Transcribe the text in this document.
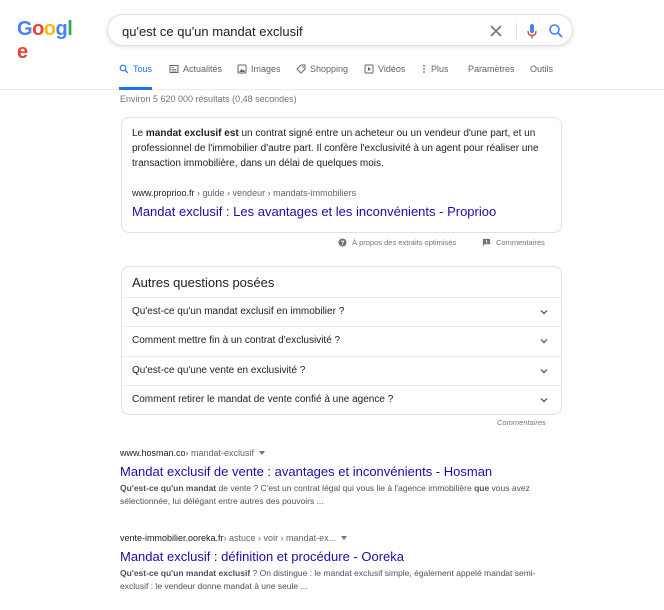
Google
qu'est ce qu'un mandat exclusif
Tous	Actualités	Images	Shopping	Vidéos	Plus Paramètres Outils
Environ 5 620 000 résultats (0,48 secondes)
Le mandat exclusif est un contrat signé entre un acheteur ou un vendeur d'une part, et un professionnel de l'immobilier d'autre part. Il confère l'exclusivité à un agent pour réaliser une transaction immobilière, dans un délai de quelques mois.
www.proprioo.fr › guide › vendeur › mandats-immobiliers
Mandat exclusif : Les avantages et les inconvénients - Proprioo
? À propos des extraits optimisés	Commentaires
Autres questions posées
Qu'est-ce qu'un mandat exclusif en immobilier ?
Comment mettre fin à un contrat d'exclusivité ?
Qu'est-ce qu'une vente en exclusivité ?
Comment retirer le mandat de vente confié à une agence ?
Commentaires
www.hosman.co › mandat-exclusif
Mandat exclusif de vente : avantages et inconvénients - Hosman
Qu'est-ce qu'un mandat de vente ? C'est un contrat légal qui vous lie à l'agence immobilière que vous avez sélectionnée, lui délégant entre autres des pouvoirs ...
vente-immobilier.ooreka.fr › astuce › voir › mandat-ex...
Mandat exclusif : définition et procédure - Ooreka
Qu'est-ce qu'un mandat exclusif ? On distingue : le mandat exclusif simple, également appelé mandat semi-exclusif : le vendeur donne mandat à une seule ...
